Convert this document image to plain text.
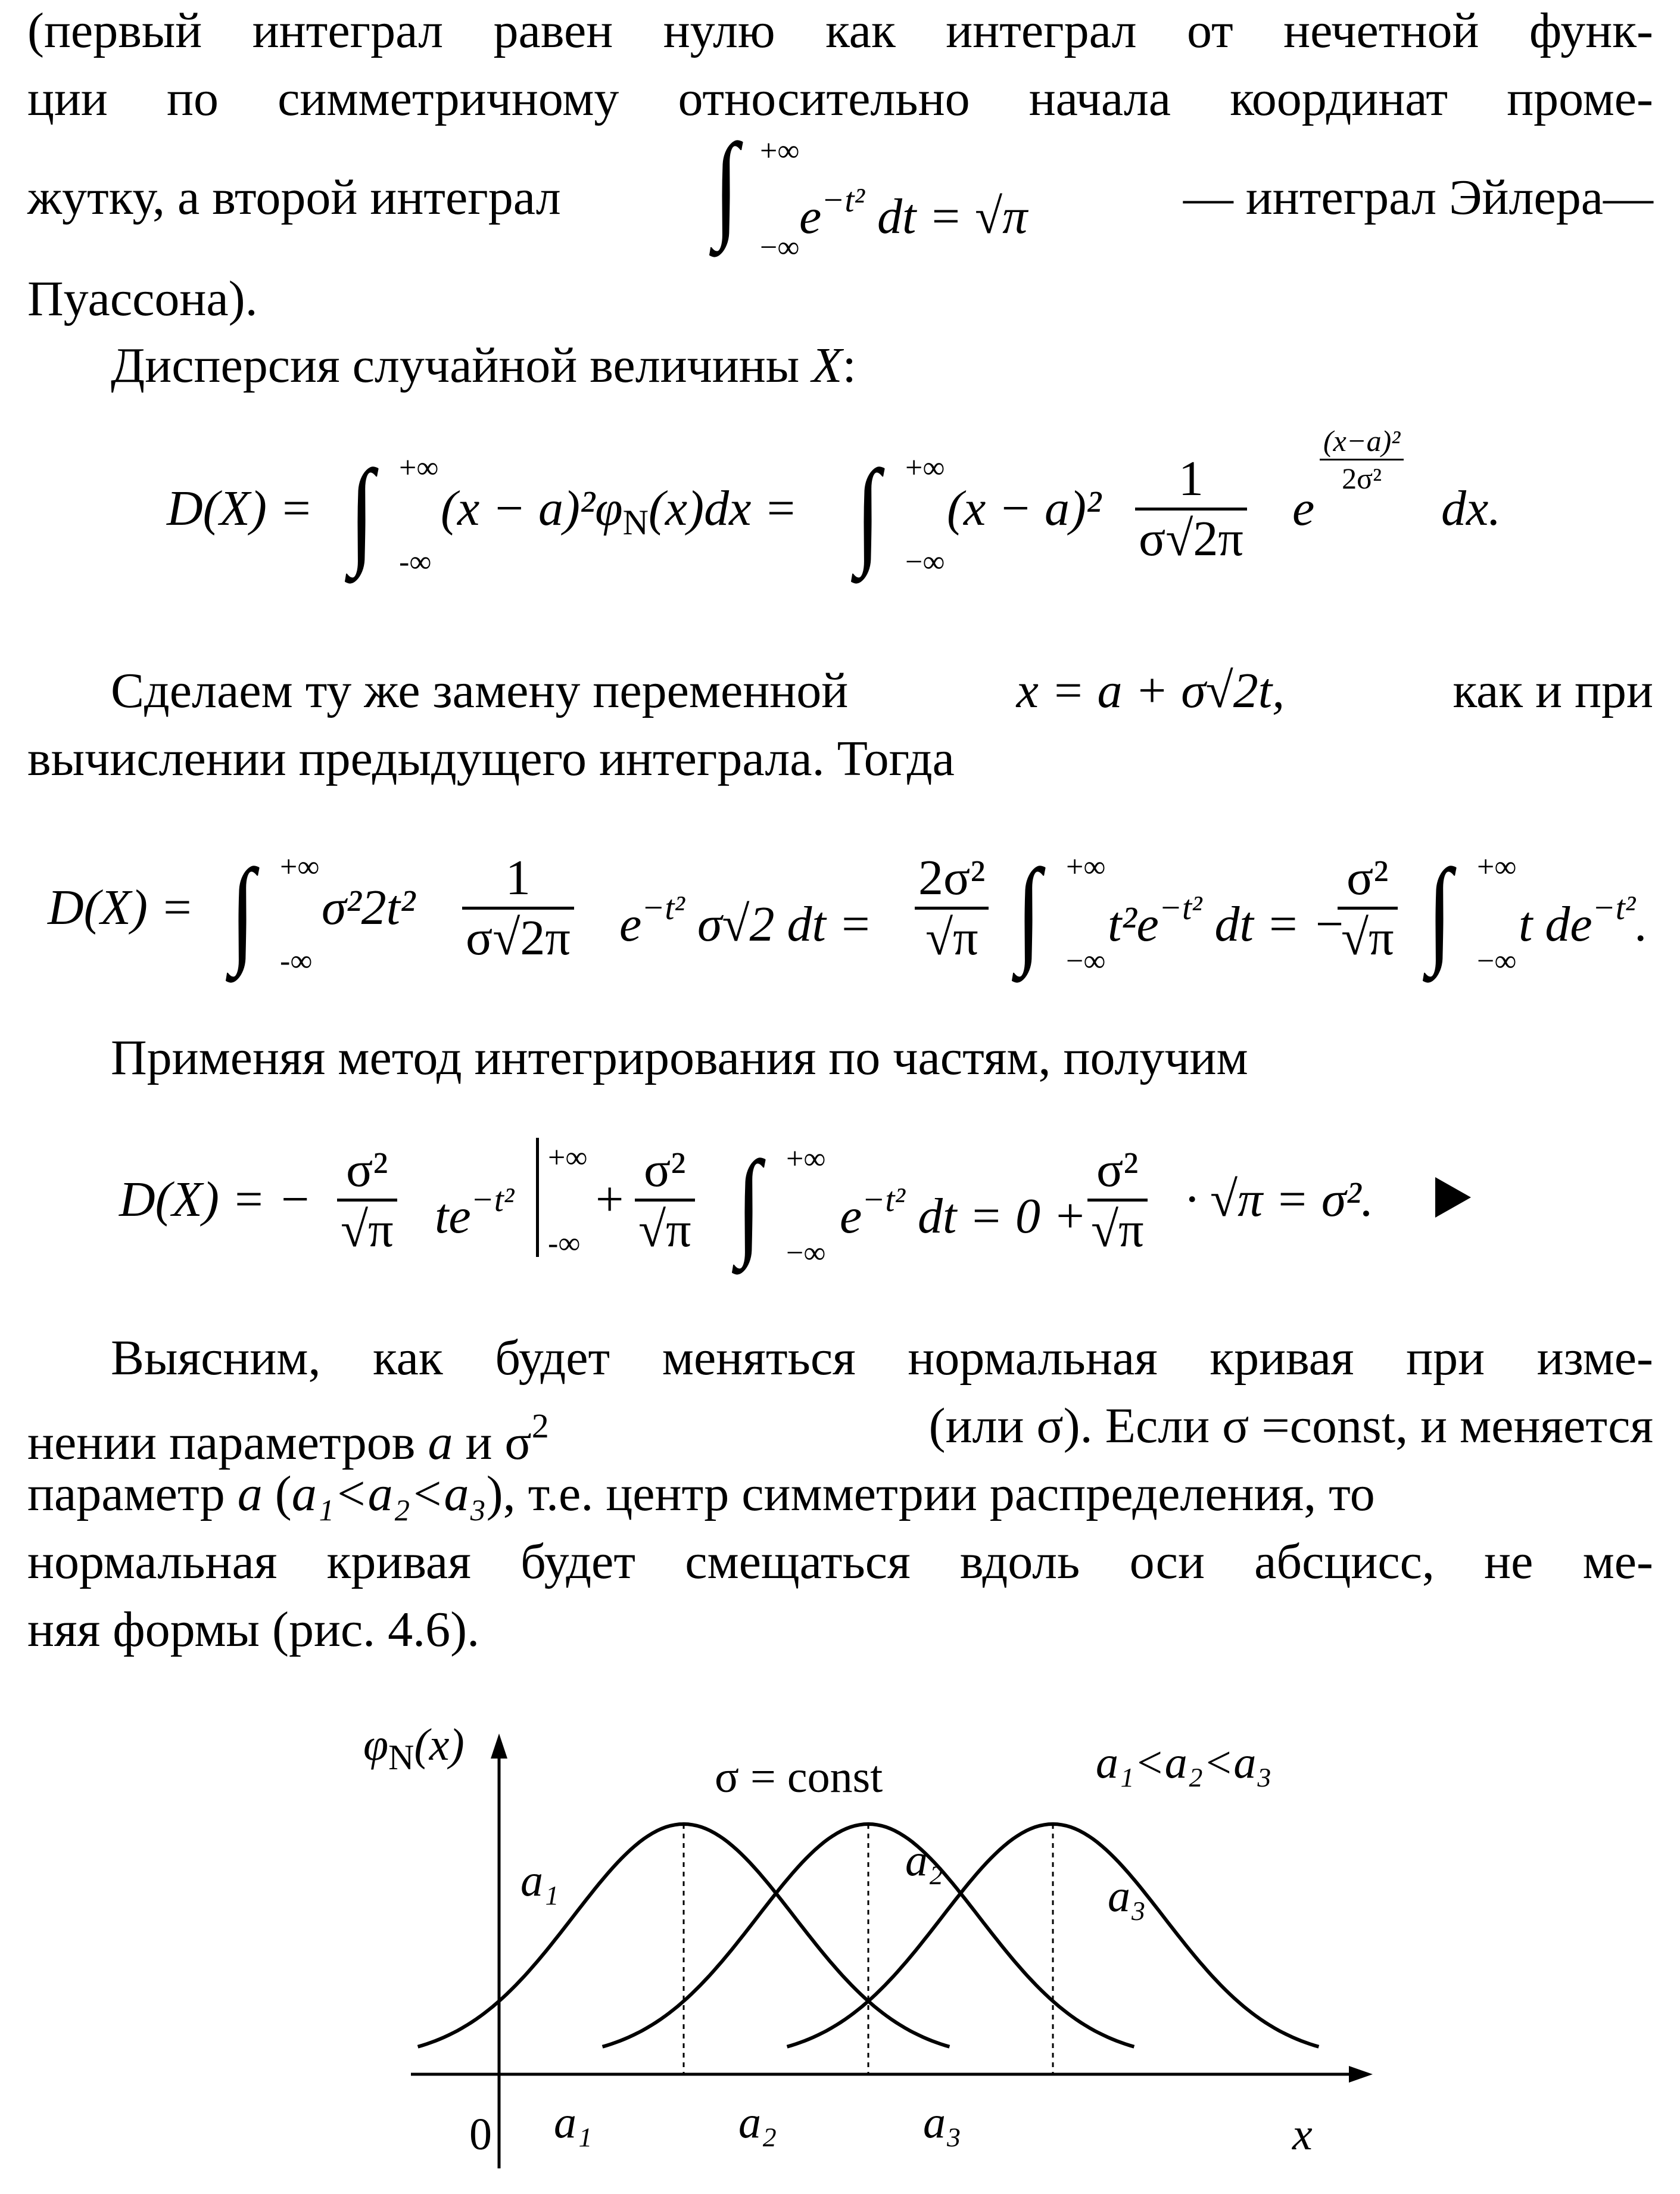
(первый интеграл равен нулю как интеграл от нечетной функ-
ции по симметричному относительно начала координат проме-
жутку, а второй интеграл	∫ +∞
−∞
$e^{-t^2}$ dt = √π	— интеграл Эйлера—
Пуассона).
Дисперсия случайной величины X:
D(X) = ∫ +∞
-∞
$(x - a)^2\varphi_N(x)dx$ = ∫ +∞
−∞
$(x - a)^2 \frac{1}{\sigma√2\pi}$ e
$\frac{\text{(x−a)²}}{\text{2σ²}}$
dx.
Сделаем ту же замену переменной	x = a + σ√2t,	как и при
вычислении предыдущего интеграла. Тогда
D(X) = ∫ +∞
-∞
$\sigma^22t^2 \frac{1}{\sigma√2\pi} e^{-t^2}$ σ√2 dt = $\frac{\text{2σ²}}{√\pi}$ ∫ +∞
−∞
$t^2e^{-t^2}$ dt = −
$\frac{\text{σ²}}{√\pi}$ ∫ +∞
−∞
t $de^{-t^2}$.
Применяя метод интегрирования по частям, получим
D(X) = − $\frac{\text{σ²}}{√\pi} te^{-t^2}$
+∞
-∞
+ $\frac{\text{σ²}}{√\pi}$ ∫ +∞
−∞
$e^{-t^2}$ dt = $0 + \frac{\text{σ²}}{√\pi} \cdot √\pi = \sigma^2$.
Выясним, как будет меняться нормальная кривая при изме-
нении параметров a и $\sigma^2$	(или σ). Если σ =const, и меняется
параметр a (a₁<a₂<a₃), т.е. центр симметрии распределения, то
нормальная кривая будет смещаться вдоль оси абсцисс, не ме-
няя формы (рис. 4.6).
$\varphi_N(x)$
σ = const	a₁<a₂<a₃
0	x
a₁	a₂	a₃
a₁	a₂
a₃
